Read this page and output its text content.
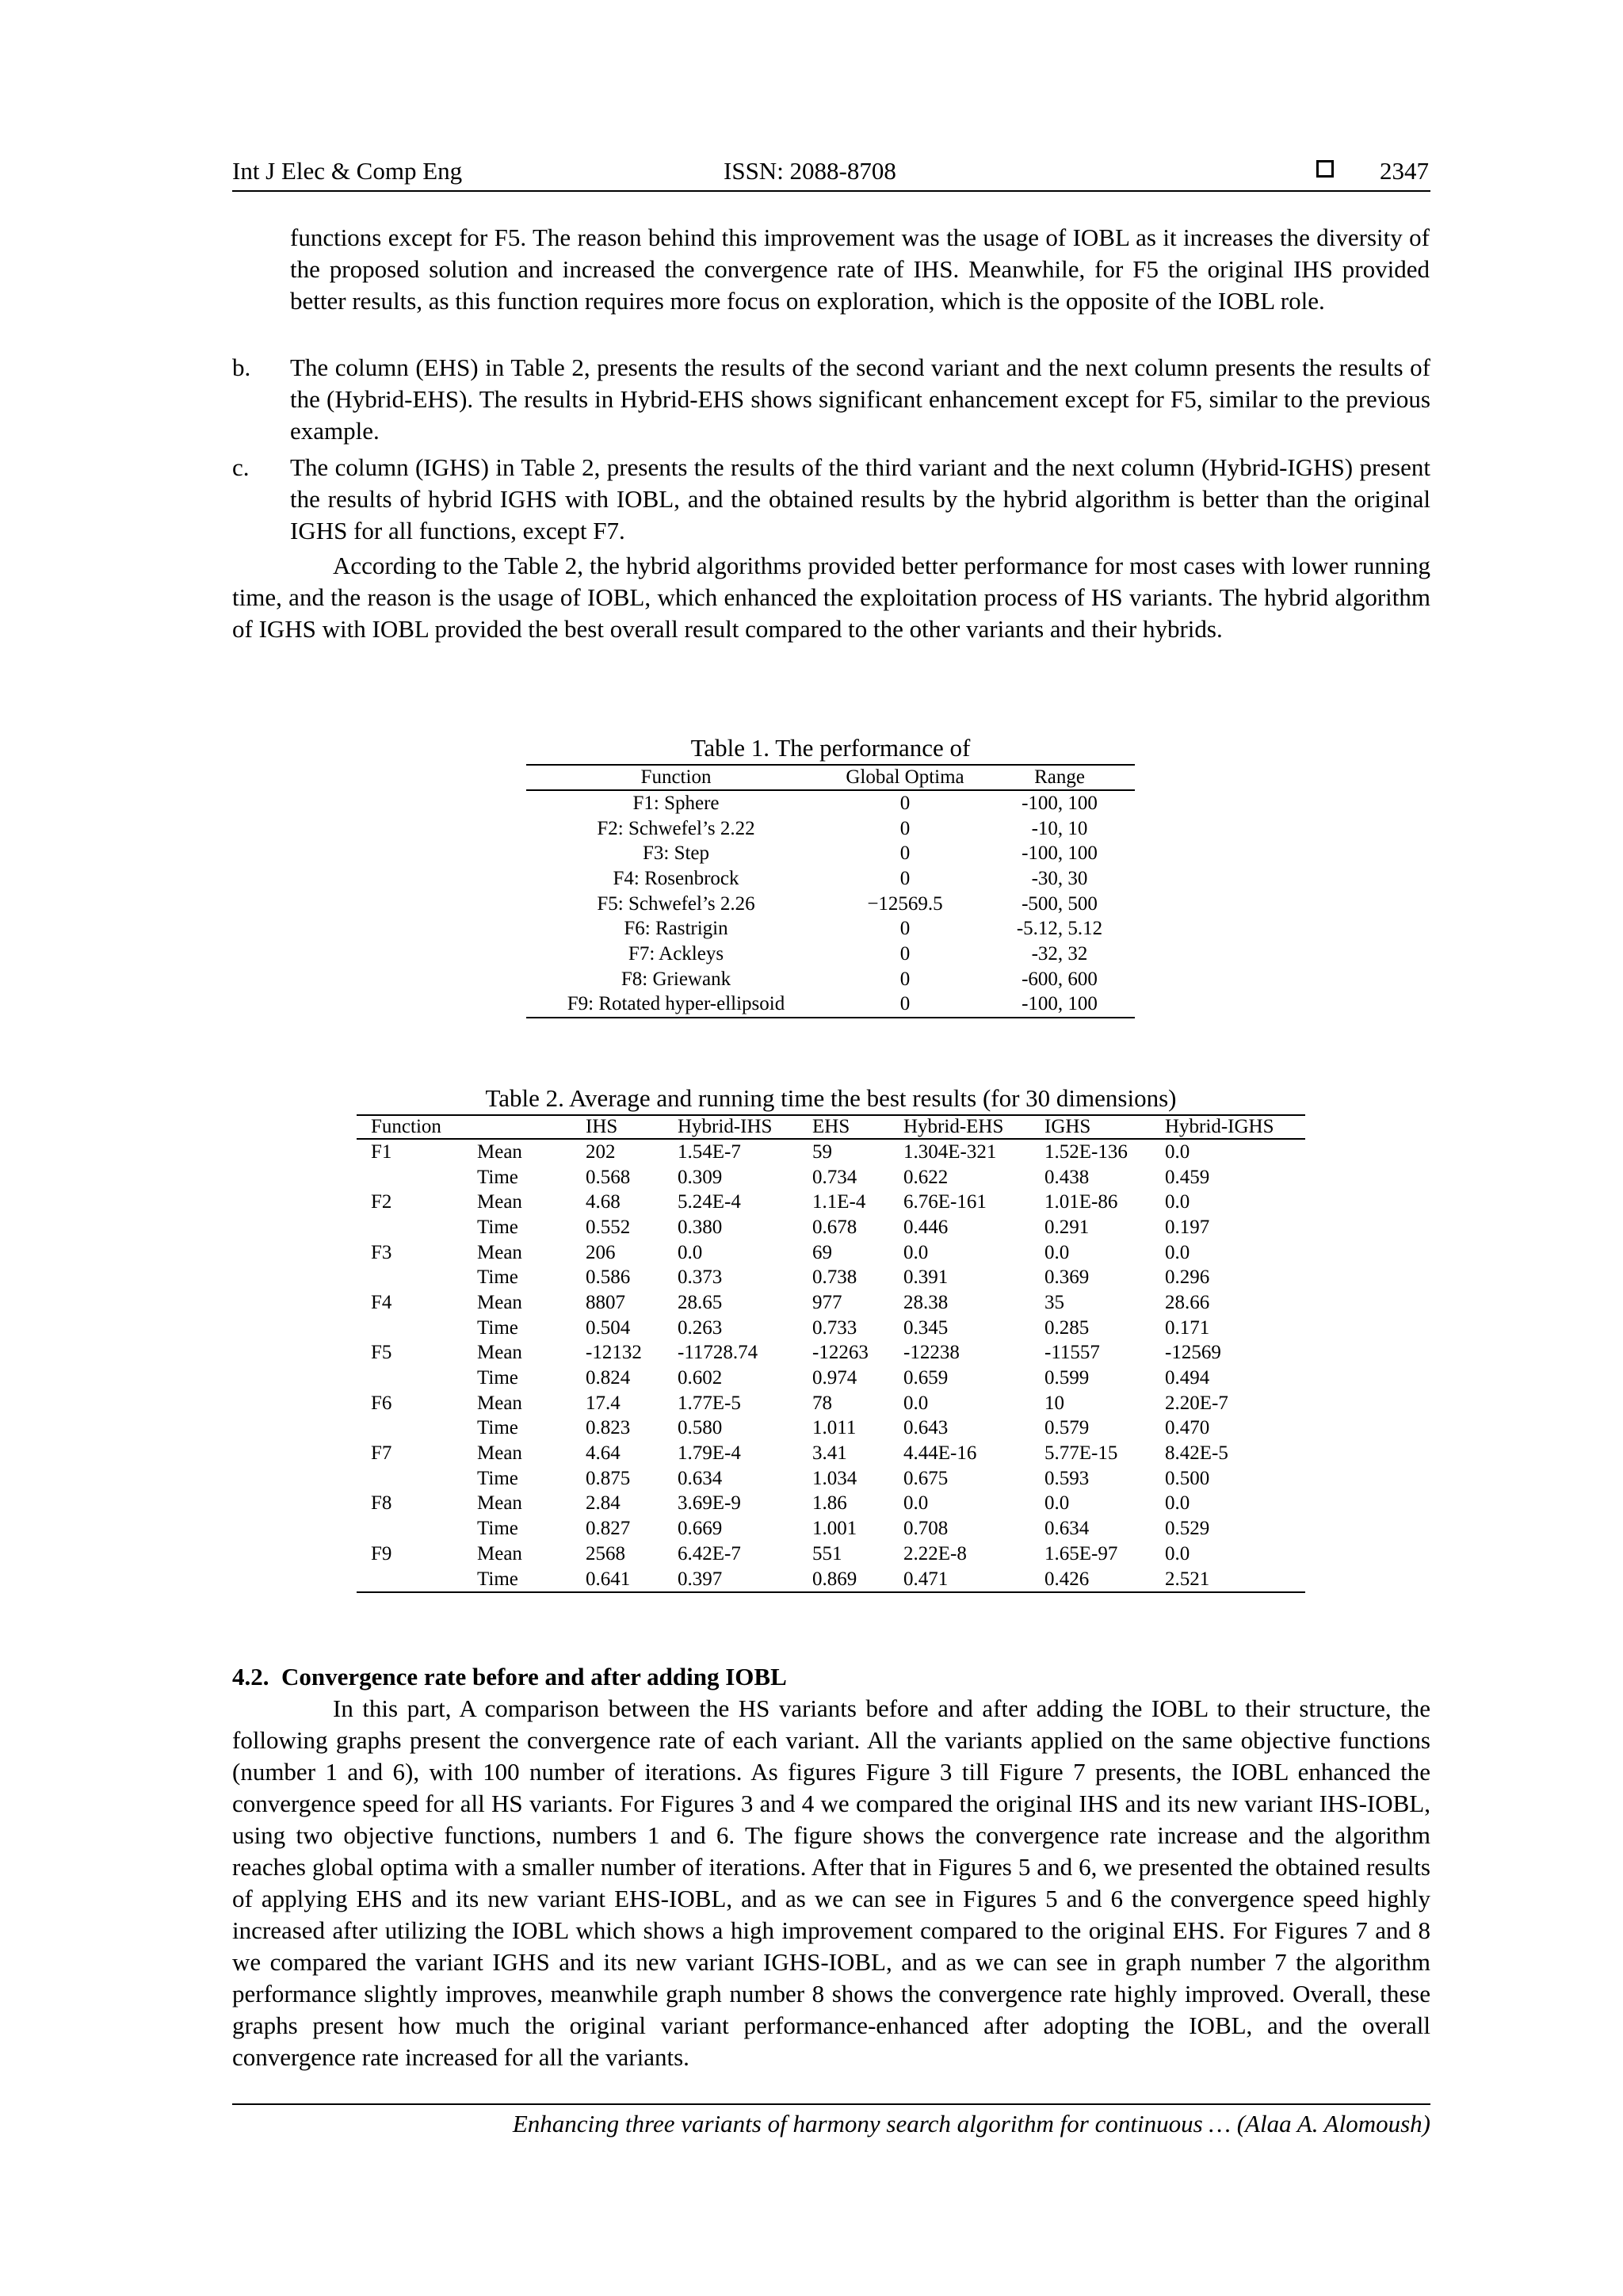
Int J Elec & Comp Eng	ISSN: 2088-8708	2347
functions except for F5. The reason behind this improvement was the usage of IOBL as it increases the diversity of the proposed solution and increased the convergence rate of IHS. Meanwhile, for F5 the original IHS provided better results, as this function requires more focus on exploration, which is the opposite of the IOBL role.
b. The column (EHS) in Table 2, presents the results of the second variant and the next column presents the results of the (Hybrid-EHS). The results in Hybrid-EHS shows significant enhancement except for F5, similar to the previous example.
c. The column (IGHS) in Table 2, presents the results of the third variant and the next column (Hybrid-IGHS) present the results of hybrid IGHS with IOBL, and the obtained results by the hybrid algorithm is better than the original IGHS for all functions, except F7.
According to the Table 2, the hybrid algorithms provided better performance for most cases with lower running time, and the reason is the usage of IOBL, which enhanced the exploitation process of HS variants. The hybrid algorithm of IGHS with IOBL provided the best overall result compared to the other variants and their hybrids.
Table 1. The performance of
Function	Global Optima	Range
F1: Sphere	0	-100, 100
F2: Schwefel’s 2.22	0	-10, 10
F3: Step	0	-100, 100
F4: Rosenbrock	0	-30, 30
F5: Schwefel’s 2.26	−12569.5	-500, 500
F6: Rastrigin	0	-5.12, 5.12
F7: Ackleys	0	-32, 32
F8: Griewank	0	-600, 600
F9: Rotated hyper-ellipsoid	0	-100, 100
Table 2. Average and running time the best results (for 30 dimensions)
Function		IHS	Hybrid-IHS	EHS	Hybrid-EHS	IGHS	Hybrid-IGHS
F1	Mean	202	1.54E-7	59	1.304E-321	1.52E-136	0.0
	Time	0.568	0.309	0.734	0.622	0.438	0.459
F2	Mean	4.68	5.24E-4	1.1E-4	6.76E-161	1.01E-86	0.0
	Time	0.552	0.380	0.678	0.446	0.291	0.197
F3	Mean	206	0.0	69	0.0	0.0	0.0
	Time	0.586	0.373	0.738	0.391	0.369	0.296
F4	Mean	8807	28.65	977	28.38	35	28.66
	Time	0.504	0.263	0.733	0.345	0.285	0.171
F5	Mean	-12132	-11728.74	-12263	-12238	-11557	-12569
	Time	0.824	0.602	0.974	0.659	0.599	0.494
F6	Mean	17.4	1.77E-5	78	0.0	10	2.20E-7
	Time	0.823	0.580	1.011	0.643	0.579	0.470
F7	Mean	4.64	1.79E-4	3.41	4.44E-16	5.77E-15	8.42E-5
	Time	0.875	0.634	1.034	0.675	0.593	0.500
F8	Mean	2.84	3.69E-9	1.86	0.0	0.0	0.0
	Time	0.827	0.669	1.001	0.708	0.634	0.529
F9	Mean	2568	6.42E-7	551	2.22E-8	1.65E-97	0.0
	Time	0.641	0.397	0.869	0.471	0.426	2.521
4.2.  Convergence rate before and after adding IOBL
In this part, A comparison between the HS variants before and after adding the IOBL to their structure, the following graphs present the convergence rate of each variant. All the variants applied on the same objective functions (number 1 and 6), with 100 number of iterations. As figures Figure 3 till Figure 7 presents, the IOBL enhanced the convergence speed for all HS variants. For Figures 3 and 4 we compared the original IHS and its new variant IHS-IOBL, using two objective functions, numbers 1 and 6. The figure shows the convergence rate increase and the algorithm reaches global optima with a smaller number of iterations. After that in Figures 5 and 6, we presented the obtained results of applying EHS and its new variant EHS-IOBL, and as we can see in Figures 5 and 6 the convergence speed highly increased after utilizing the IOBL which shows a high improvement compared to the original EHS. For Figures 7 and 8 we compared the variant IGHS and its new variant IGHS-IOBL, and as we can see in graph number 7 the algorithm performance slightly improves, meanwhile graph number 8 shows the convergence rate highly improved. Overall, these graphs present how much the original variant performance-enhanced after adopting the IOBL, and the overall convergence rate increased for all the variants.
Enhancing three variants of harmony search algorithm for continuous … (Alaa A. Alomoush)
